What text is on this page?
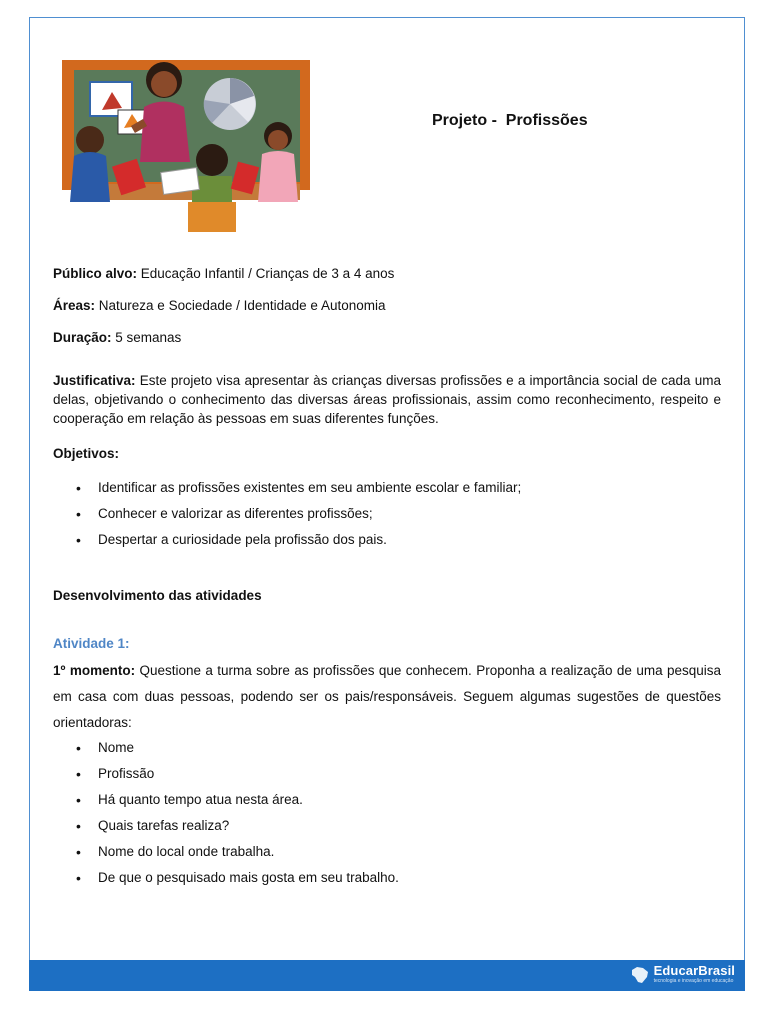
Projeto -  Profissões
Público alvo: Educação Infantil / Crianças de 3 a 4 anos
Áreas: Natureza e Sociedade / Identidade e Autonomia
Duração: 5 semanas
Justificativa: Este projeto visa apresentar às crianças diversas profissões e a importância social de cada uma delas, objetivando o conhecimento das diversas áreas profissionais, assim como reconhecimento, respeito e cooperação em relação às pessoas em suas diferentes funções.
Objetivos:
• Identificar as profissões existentes em seu ambiente escolar e familiar;
• Conhecer e valorizar as diferentes profissões;
• Despertar a curiosidade pela profissão dos pais.
Desenvolvimento das atividades
Atividade 1:
1º momento: Questione a turma sobre as profissões que conhecem. Proponha a realização de uma pesquisa em casa com duas pessoas, podendo ser os pais/responsáveis. Seguem algumas sugestões de questões orientadoras:
• Nome
• Profissão
• Há quanto tempo atua nesta área.
• Quais tarefas realiza?
• Nome do local onde trabalha.
• De que o pesquisado mais gosta em seu trabalho.
EducarBrasil
tecnologia e inovação em educação
